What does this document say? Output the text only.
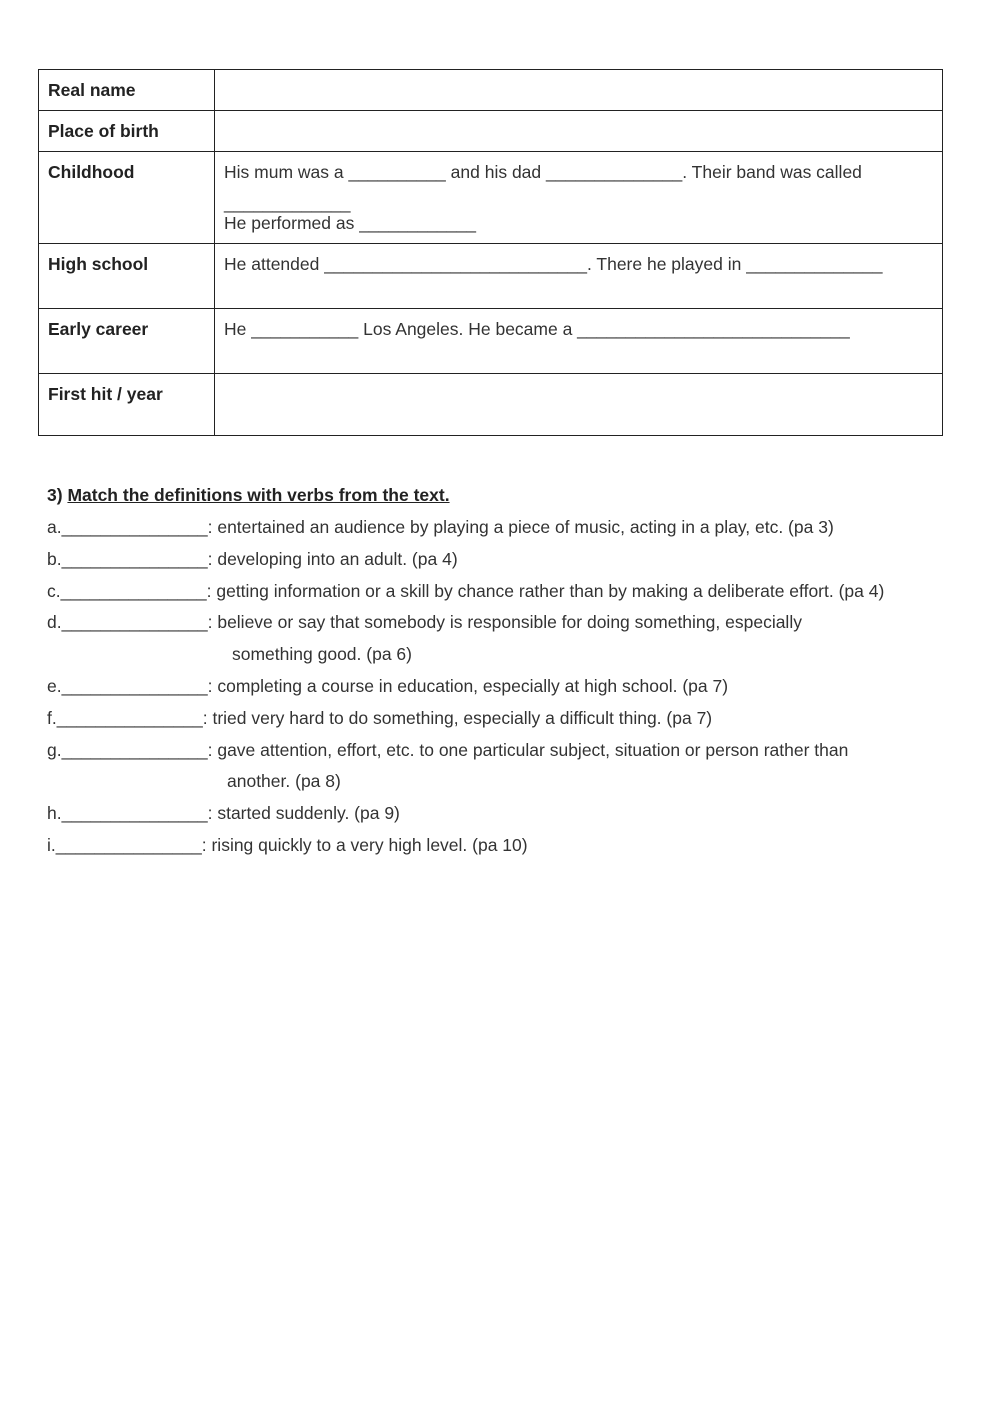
Real name	

Place of birth	

Childhood	His mum was a __________ and his dad ______________. Their band was called
_____________
He performed as ____________

High school	He attended ___________________________. There he played in ______________

Early career	He ___________ Los Angeles. He became a ____________________________

First hit / year	

3) Match the definitions with verbs from the text.
a. _______________ : entertained an audience by playing a piece of music, acting in a play, etc. (pa 3)
b. _______________ : developing into an adult. (pa 4)
c. _______________ : getting information or a skill by chance rather than by making a deliberate effort. (pa 4)
d. _______________ : believe or say that somebody is responsible for doing something, especially
something good. (pa 6)
e. _______________ : completing a course in education, especially at high school. (pa 7)
f. _______________ : tried very hard to do something, especially a difficult thing. (pa 7)
g. _______________ : gave attention, effort, etc. to one particular subject, situation or person rather than
another. (pa 8)
h. _______________ : started suddenly. (pa 9)
i. _______________ : rising quickly to a very high level. (pa 10)
